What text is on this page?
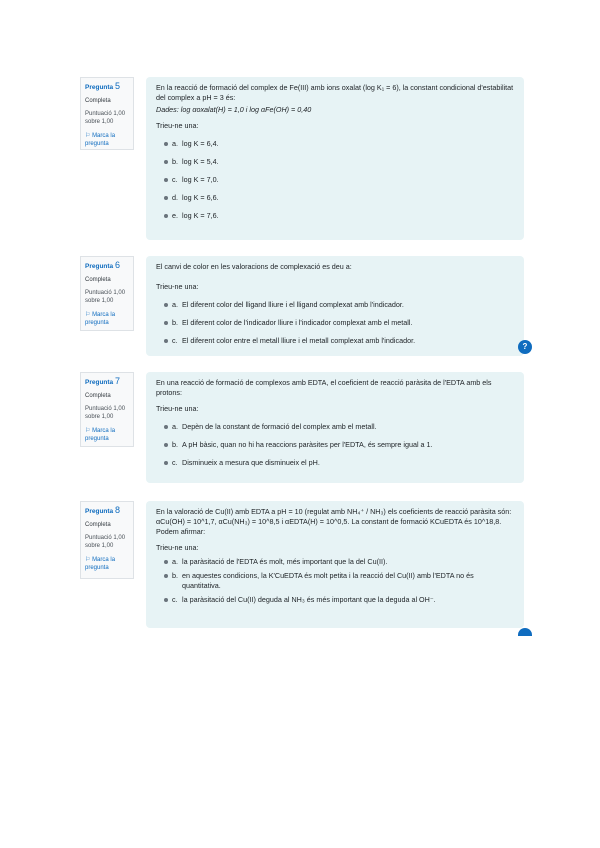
Pregunta 5
Completa
Puntuació 1,00 sobre 1,00
⚐ Marca la pregunta

En la reacció de formació del complex de Fe(III) amb ions oxalat (log K₁ = 6), la constant condicional d'estabilitat del complex a pH = 3 és:

Dades: log αoxalat(H) = 1,0 i log αFe(OH) = 0,40

Trieu-ne una:

a. log K = 6,4.
b. log K = 5,4.
c. log K = 7,0.
d. log K = 6,6.
e. log K = 7,6.
Pregunta 6
Completa
Puntuació 1,00 sobre 1,00
⚐ Marca la pregunta

El canvi de color en les valoracions de complexació es deu a:

Trieu-ne una:

a. El diferent color del lligand lliure i el lligand complexat amb l'indicador.
b. El diferent color de l'indicador lliure i l'indicador complexat amb el metall.
c. El diferent color entre el metall lliure i el metall complexat amb l'indicador.
?
Pregunta 7
Completa
Puntuació 1,00 sobre 1,00
⚐ Marca la pregunta

En una reacció de formació de complexos amb EDTA, el coeficient de reacció paràsita de l'EDTA amb els protons:

Trieu-ne una:

a. Depèn de la constant de formació del complex amb el metall.
b. A pH bàsic, quan no hi ha reaccions paràsites per l'EDTA, és sempre igual a 1.
c. Disminueix a mesura que disminueix el pH.
Pregunta 8
Completa
Puntuació 1,00 sobre 1,00
⚐ Marca la pregunta

En la valoració de Cu(II) amb EDTA a pH = 10 (regulat amb NH₄⁺ / NH₃) els coeficients de reacció paràsita són: αCu(OH) = 10^1,7, αCu(NH₃) = 10^8,5 i αEDTA(H) = 10^0,5. La constant de formació KCuEDTA és 10^18,8. Podem afirmar:

Trieu-ne una:

a. la paràsitació de l'EDTA és molt, més important que la del Cu(II).
b. en aquestes condicions, la K'CuEDTA és molt petita i la reacció del Cu(II) amb l'EDTA no és quantitativa.
c. la paràsitació del Cu(II) deguda al NH₃ és més important que la deguda al OH⁻.
